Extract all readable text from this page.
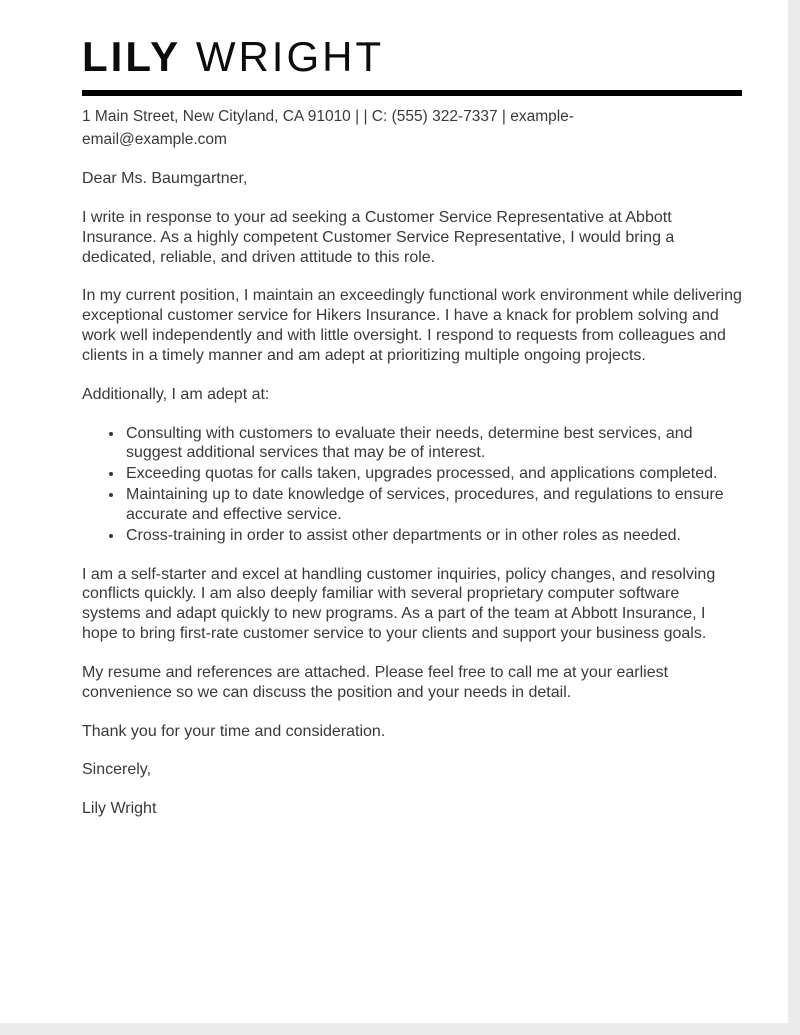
LILY WRIGHT

1 Main Street, New Cityland, CA 91010 | | C: (555) 322-7337 | example-email@example.com

Dear Ms. Baumgartner,

I write in response to your ad seeking a Customer Service Representative at Abbott Insurance. As a highly competent Customer Service Representative, I would bring a dedicated, reliable, and driven attitude to this role.

In my current position, I maintain an exceedingly functional work environment while delivering exceptional customer service for Hikers Insurance. I have a knack for problem solving and work well independently and with little oversight. I respond to requests from colleagues and clients in a timely manner and am adept at prioritizing multiple ongoing projects.

Additionally, I am adept at:

• Consulting with customers to evaluate their needs, determine best services, and suggest additional services that may be of interest.
• Exceeding quotas for calls taken, upgrades processed, and applications completed.
• Maintaining up to date knowledge of services, procedures, and regulations to ensure accurate and effective service.
• Cross-training in order to assist other departments or in other roles as needed.

I am a self-starter and excel at handling customer inquiries, policy changes, and resolving conflicts quickly. I am also deeply familiar with several proprietary computer software systems and adapt quickly to new programs. As a part of the team at Abbott Insurance, I hope to bring first-rate customer service to your clients and support your business goals.

My resume and references are attached. Please feel free to call me at your earliest convenience so we can discuss the position and your needs in detail.

Thank you for your time and consideration.

Sincerely,

Lily Wright
